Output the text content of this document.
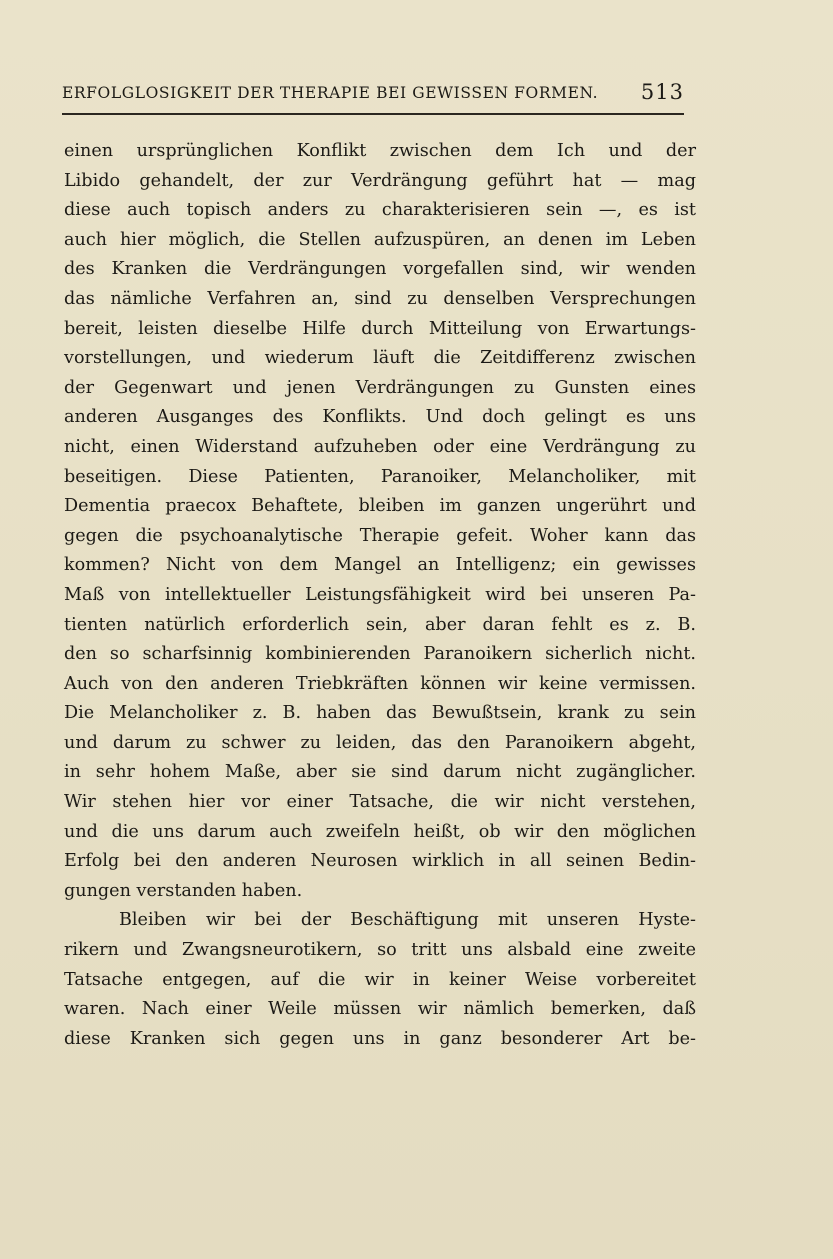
ERFOLGLOSIGKEIT DER THERAPIE BEI GEWISSEN FORMEN. 513
einen ursprünglichen Konflikt zwischen dem Ich und der
Libido gehandelt, der zur Verdrängung geführt hat — mag
diese auch topisch anders zu charakterisieren sein —, es ist
auch hier möglich, die Stellen aufzuspüren, an denen im Leben
des Kranken die Verdrängungen vorgefallen sind, wir wenden
das nämliche Verfahren an, sind zu denselben Versprechungen
bereit, leisten dieselbe Hilfe durch Mitteilung von Erwartungs-
vorstellungen, und wiederum läuft die Zeitdifferenz zwischen
der Gegenwart und jenen Verdrängungen zu Gunsten eines
anderen Ausganges des Konflikts. Und doch gelingt es uns
nicht, einen Widerstand aufzuheben oder eine Verdrängung zu
beseitigen. Diese Patienten, Paranoiker, Melancholiker, mit
Dementia praecox Behaftete, bleiben im ganzen ungerührt und
gegen die psychoanalytische Therapie gefeit. Woher kann das
kommen? Nicht von dem Mangel an Intelligenz; ein gewisses
Maß von intellektueller Leistungsfähigkeit wird bei unseren Pa-
tienten natürlich erforderlich sein, aber daran fehlt es z. B.
den so scharfsinnig kombinierenden Paranoikern sicherlich nicht.
Auch von den anderen Triebkräften können wir keine vermissen.
Die Melancholiker z. B. haben das Bewußtsein, krank zu sein
und darum zu schwer zu leiden, das den Paranoikern abgeht,
in sehr hohem Maße, aber sie sind darum nicht zugänglicher.
Wir stehen hier vor einer Tatsache, die wir nicht verstehen,
und die uns darum auch zweifeln heißt, ob wir den möglichen
Erfolg bei den anderen Neurosen wirklich in all seinen Bedin-
gungen verstanden haben.
Bleiben wir bei der Beschäftigung mit unseren Hyste-
rikern und Zwangsneurotikern, so tritt uns alsbald eine zweite
Tatsache entgegen, auf die wir in keiner Weise vorbereitet
waren. Nach einer Weile müssen wir nämlich bemerken, daß
diese Kranken sich gegen uns in ganz besonderer Art be-
